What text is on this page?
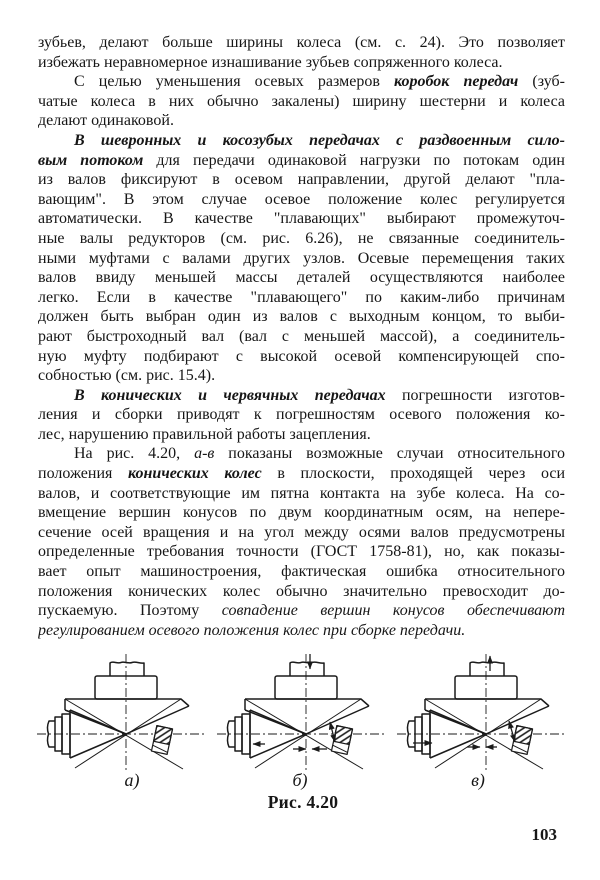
зубьев, делают больше ширины колеса (см. с. 24). Это позволяет
избежать неравномерное изнашивание зубьев сопряженного колеса.
С целью уменьшения осевых размеров коробок передач (зуб-
чатые колеса в них обычно закалены) ширину шестерни и колеса
делают одинаковой.
В шевронных и косозубых передачах с раздвоенным сило-
вым потоком для передачи одинаковой нагрузки по потокам один
из валов фиксируют в осевом направлении, другой делают "пла-
вающим". В этом случае осевое положение колес регулируется
автоматически. В качестве "плавающих" выбирают промежуточ-
ные валы редукторов (см. рис. 6.26), не связанные соединитель-
ными муфтами с валами других узлов. Осевые перемещения таких
валов ввиду меньшей массы деталей осуществляются наиболее
легко. Если в качестве "плавающего" по каким-либо причинам
должен быть выбран один из валов с выходным концом, то выби-
рают быстроходный вал (вал с меньшей массой), а соединитель-
ную муфту подбирают с высокой осевой компенсирующей спо-
собностью (см. рис. 15.4).
В конических и червячных передачах погрешности изготов-
ления и сборки приводят к погрешностям осевого положения ко-
лес, нарушению правильной работы зацепления.
На рис. 4.20, а-в показаны возможные случаи относительного
положения конических колес в плоскости, проходящей через оси
валов, и соответствующие им пятна контакта на зубе колеса. На со-
вмещение вершин конусов по двум координатным осям, на непере-
сечение осей вращения и на угол между осями валов предусмотрены
определенные требования точности (ГОСТ 1758-81), но, как показы-
вает опыт машиностроения, фактическая ошибка относительного
положения конических колес обычно значительно превосходит до-
пускаемую. Поэтому совпадение вершин конусов обеспечивают
регулированием осевого положения колес при сборке передачи.
а)	б)	в)
Рис. 4.20
103
